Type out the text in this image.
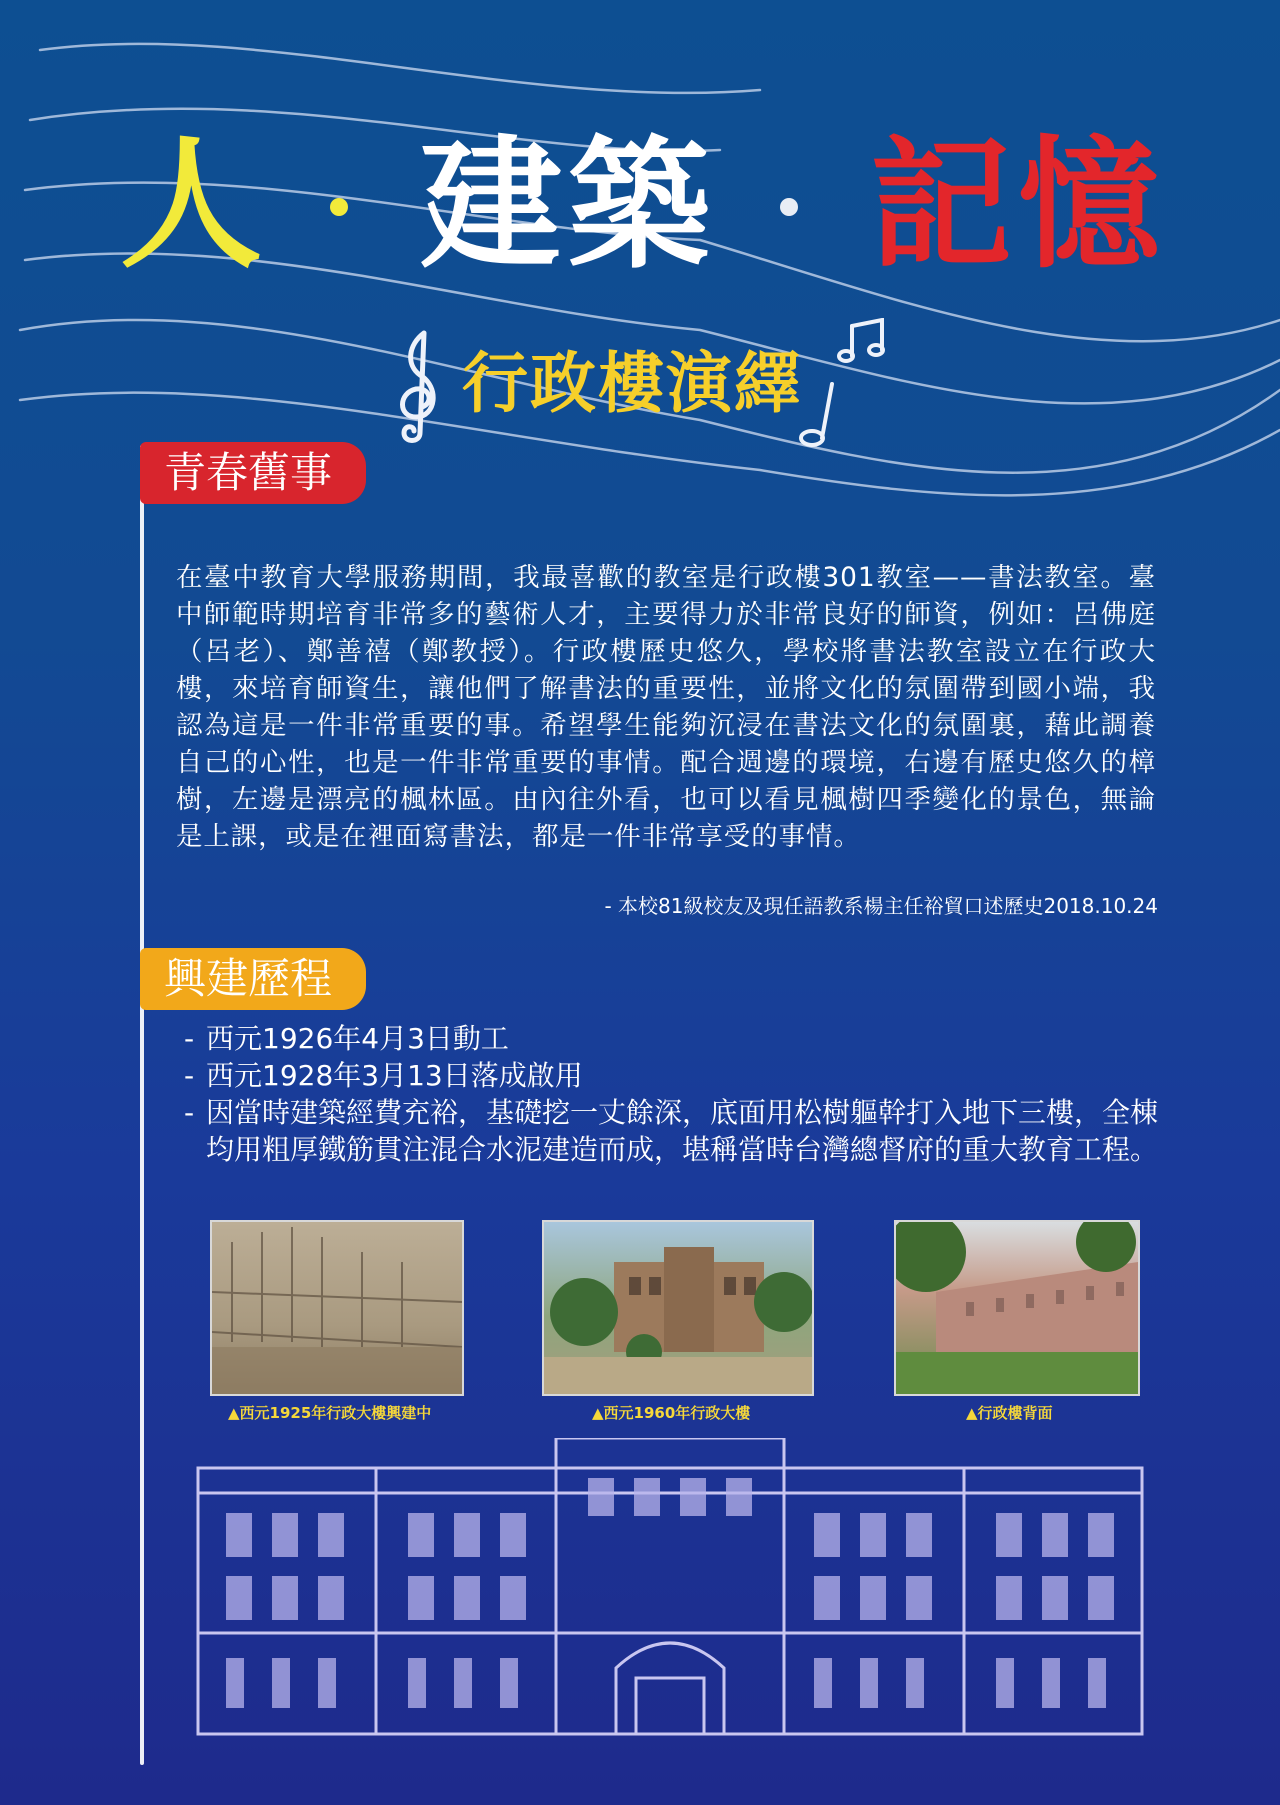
人 建築 記憶
行政樓演繹
青春舊事

在臺中教育大學服務期間，我最喜歡的教室是行政樓301教室——書法教室。臺中師範時期培育非常多的藝術人才，主要得力於非常良好的師資，例如：呂佛庭（呂老）、鄭善禧（鄭教授）。行政樓歷史悠久，學校將書法教室設立在行政大樓，來培育師資生，讓他們了解書法的重要性，並將文化的氛圍帶到國小端，我認為這是一件非常重要的事。希望學生能夠沉浸在書法文化的氛圍裏，藉此調養自己的心性，也是一件非常重要的事情。配合週邊的環境，右邊有歷史悠久的樟樹，左邊是漂亮的楓林區。由內往外看，也可以看見楓樹四季變化的景色，無論是上課，或是在裡面寫書法，都是一件非常享受的事情。

- 本校81級校友及現任語教系楊主任裕貿口述歷史2018.10.24
興建歷程
- 西元1926年4月3日動工
- 西元1928年3月13日落成啟用
- 因當時建築經費充裕，基礎挖一丈餘深，底面用松樹軀幹打入地下三樓，全棟均用粗厚鐵筋貫注混合水泥建造而成，堪稱當時台灣總督府的重大教育工程。
▲西元1925年行政大樓興建中	▲西元1960年行政大樓	▲行政樓背面
